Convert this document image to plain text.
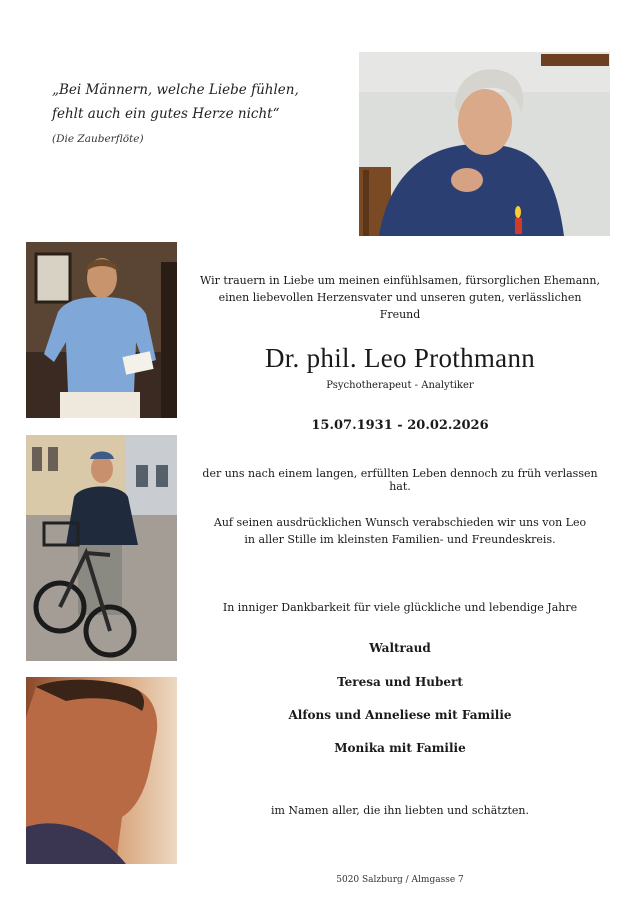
„Bei Männern, welche Liebe fühlen,
fehlt auch ein gutes Herze nicht“
(Die Zauberflöte)
Wir trauern in Liebe um meinen einfühlsamen, fürsorglichen Ehemann,
einen liebevollen Herzensvater und unseren guten, verlässlichen Freund
Dr. phil. Leo Prothmann
Psychotherapeut - Analytiker
15.07.1931 - 20.02.2026
der uns nach einem langen, erfüllten Leben dennoch zu früh verlassen hat.
Auf seinen ausdrücklichen Wunsch verabschieden wir uns von Leo
in aller Stille im kleinsten Familien- und Freundeskreis.
In inniger Dankbarkeit für viele glückliche und lebendige Jahre
Waltraud
Teresa und Hubert
Alfons und Anneliese mit Familie
Monika mit Familie
im Namen aller, die ihn liebten und schätzten.
5020 Salzburg / Almgasse 7
